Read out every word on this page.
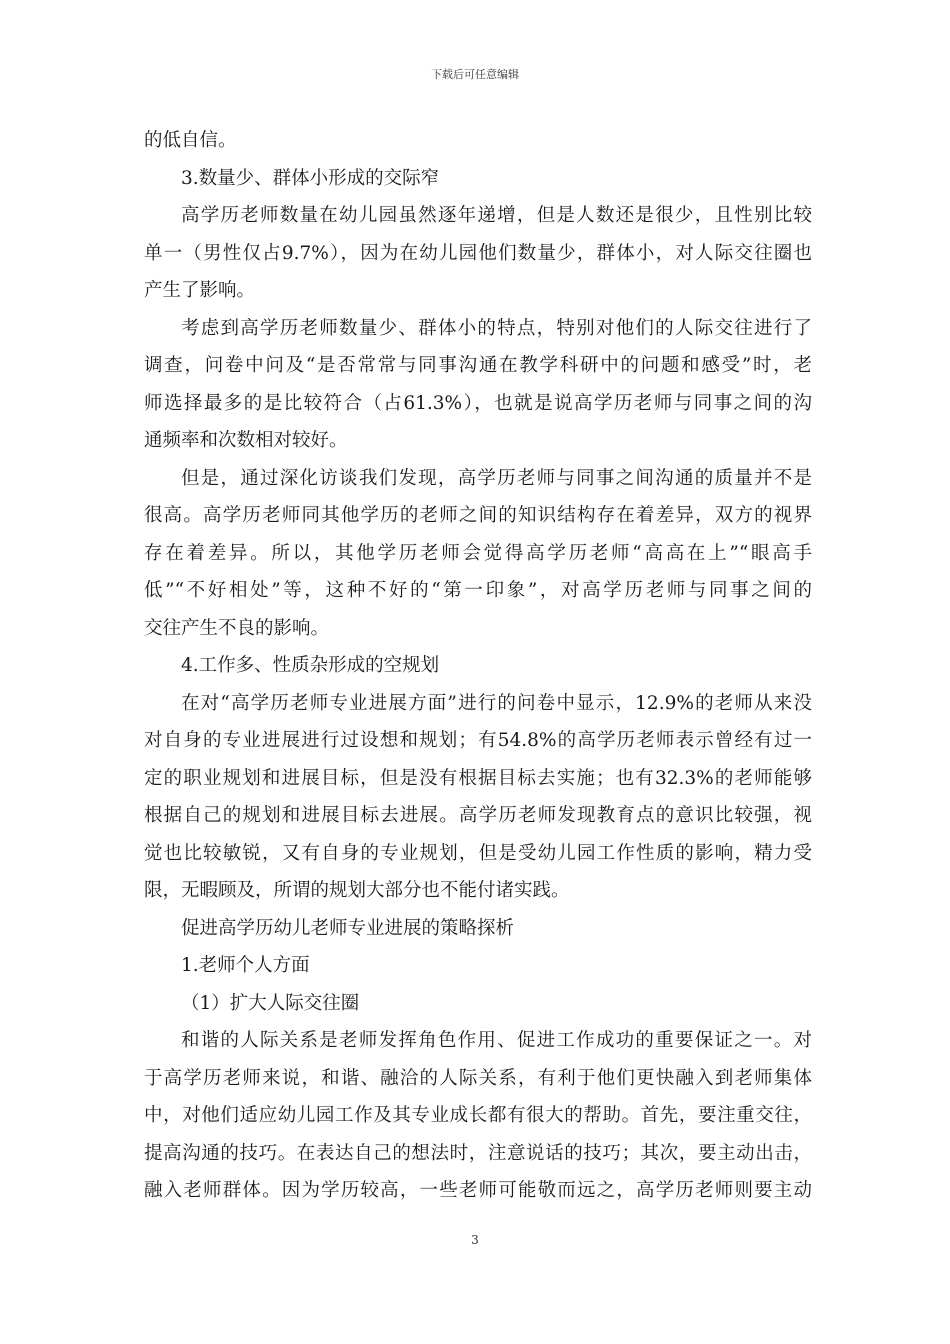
下载后可任意编辑
的低自信。
3.数量少、群体小形成的交际窄
高学历老师数量在幼儿园虽然逐年递增，但是人数还是很少，且性别比较
单一（男性仅占9.7%），因为在幼儿园他们数量少，群体小，对人际交往圈也
产生了影响。
考虑到高学历老师数量少、群体小的特点，特别对他们的人际交往进行了
调查，问卷中问及“是否常常与同事沟通在教学科研中的问题和感受”时，老
师选择最多的是比较符合（占61.3%），也就是说高学历老师与同事之间的沟
通频率和次数相对较好。
但是，通过深化访谈我们发现，高学历老师与同事之间沟通的质量并不是
很高。高学历老师同其他学历的老师之间的知识结构存在着差异，双方的视界
存在着差异。所以，其他学历老师会觉得高学历老师“高高在上”“眼高手
低”“不好相处”等，这种不好的“第一印象”，对高学历老师与同事之间的
交往产生不良的影响。
4.工作多、性质杂形成的空规划
在对“高学历老师专业进展方面”进行的问卷中显示，12.9%的老师从来没
对自身的专业进展进行过设想和规划；有54.8%的高学历老师表示曾经有过一
定的职业规划和进展目标，但是没有根据目标去实施；也有32.3%的老师能够
根据自己的规划和进展目标去进展。高学历老师发现教育点的意识比较强，视
觉也比较敏锐，又有自身的专业规划，但是受幼儿园工作性质的影响，精力受
限，无暇顾及，所谓的规划大部分也不能付诸实践。
促进高学历幼儿老师专业进展的策略探析
1.老师个人方面
（1）扩大人际交往圈
和谐的人际关系是老师发挥角色作用、促进工作成功的重要保证之一。对
于高学历老师来说，和谐、融洽的人际关系，有利于他们更快融入到老师集体
中，对他们适应幼儿园工作及其专业成长都有很大的帮助。首先，要注重交往，
提高沟通的技巧。在表达自己的想法时，注意说话的技巧；其次，要主动出击，
融入老师群体。因为学历较高，一些老师可能敬而远之，高学历老师则要主动
3
